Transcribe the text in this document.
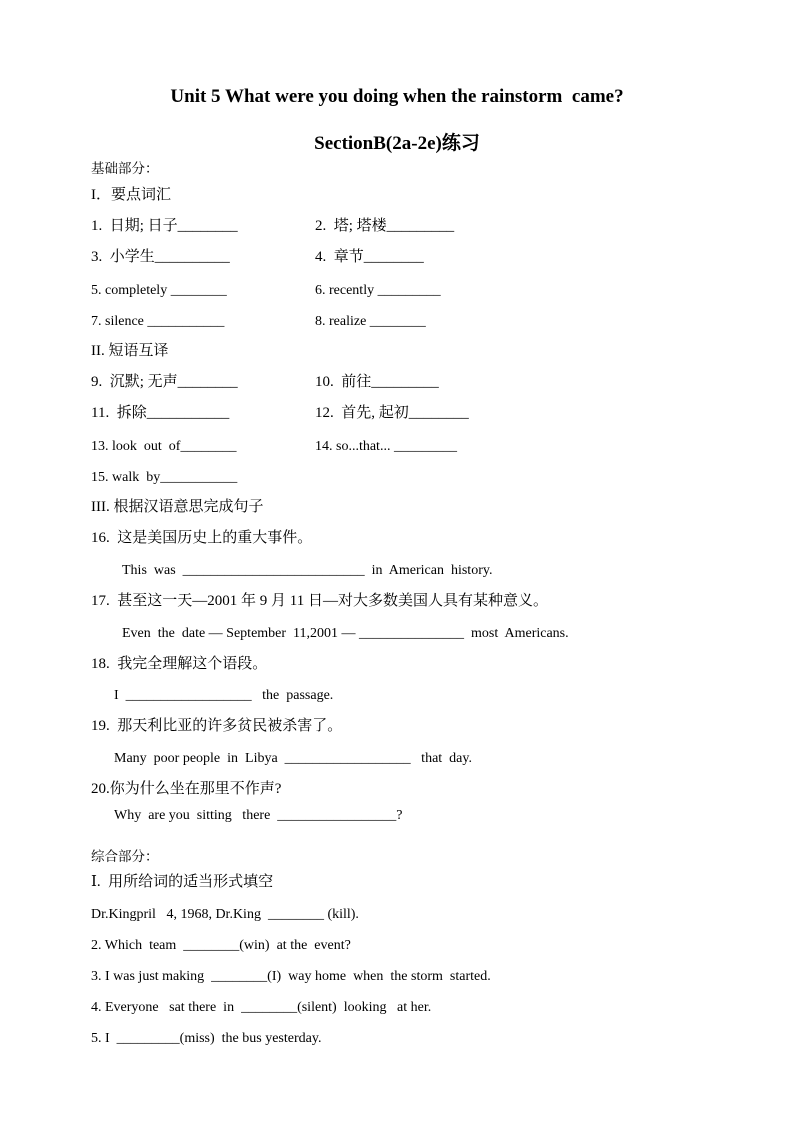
Unit 5 What were you doing when the rainstorm  came?
SectionB(2a-2e)练习
基础部分：
I．要点词汇
1.  日期; 日子________	2.  塔; 塔楼_________
3.  小学生__________	4.  章节________
5. completely ________	6. recently _________
7. silence ___________	8. realize ________
II. 短语互译
9.  沉默; 无声________	10.  前往_________
11.  拆除___________	12.  首先, 起初________
13. look  out  of________	14. so...that... _________
15. walk  by___________
III. 根据汉语意思完成句子
16.  这是美国历史上的重大事件。
This  was  __________________________  in  American  history.
17.  甚至这一天—2001 年 9 月 11 日—对大多数美国人具有某种意义。
Even  the  date — September  11,2001 — _______________  most  Americans.
18.  我完全理解这个语段。
I  __________________   the  passage.
19.  那天利比亚的许多贫民被杀害了。
Many  poor people  in  Libya  __________________   that  day.
20.你为什么坐在那里不作声?
Why  are you  sitting   there  _________________?
综合部分：
Ⅰ.  用所给词的适当形式填空
Dr.Kingpril   4, 1968, Dr.King  ________ (kill).
2. Which  team  ________(win)  at the  event?
3. I was just making  ________(I)  way home  when  the storm  started.
4. Everyone   sat there  in  ________(silent)  looking   at her.
5. I  _________(miss)  the bus yesterday.
